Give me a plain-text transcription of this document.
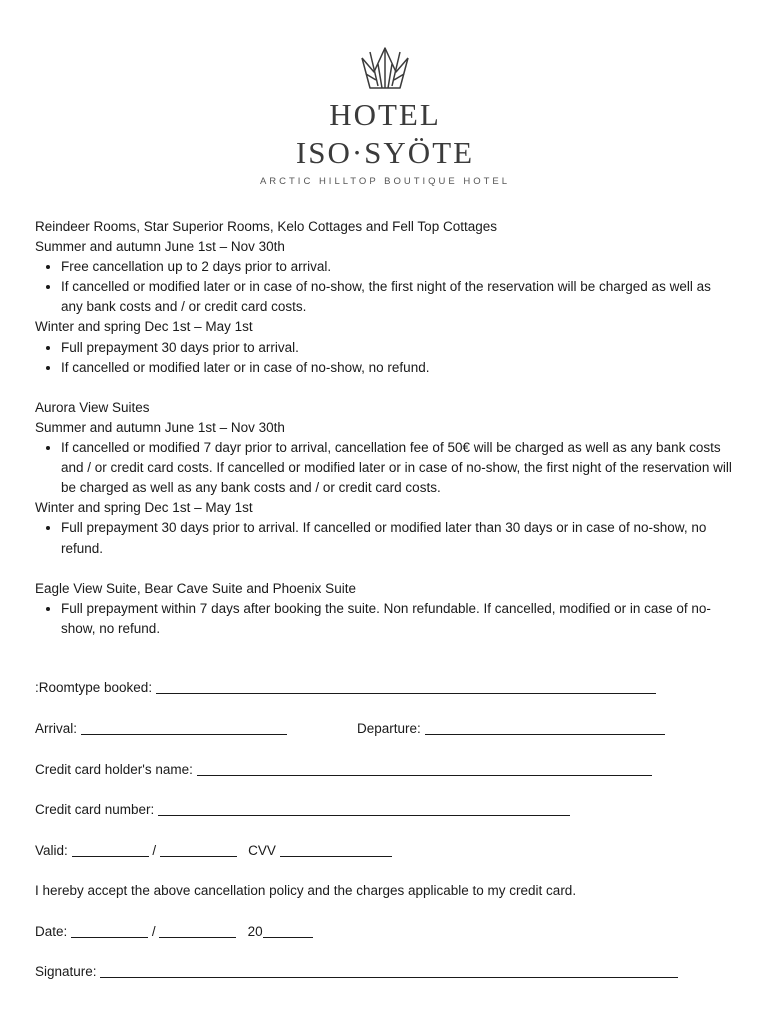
HOTEL
ISO·SYÖTE
ARCTIC HILLTOP BOUTIQUE HOTEL

Reindeer Rooms, Star Superior Rooms, Kelo Cottages and Fell Top Cottages

Summer and autumn June 1st – Nov 30th

• Free cancellation up to 2 days prior to arrival.
• If cancelled or modified later or in case of no-show, the first night of the reservation will be charged as well as any bank costs and / or credit card costs.

Winter and spring Dec 1st – May 1st

• Full prepayment 30 days prior to arrival.
• If cancelled or modified later or in case of no-show, no refund.

Aurora View Suites

Summer and autumn June 1st – Nov 30th

• If cancelled or modified 7 dayr prior to arrival, cancellation fee of 50€ will be charged as well as any bank costs and / or credit card costs. If cancelled or modified later or in case of no-show, the first night of the reservation will be charged as well as any bank costs and / or credit card costs.

Winter and spring Dec 1st – May 1st

• Full prepayment 30 days prior to arrival. If cancelled or modified later than 30 days or in case of no-show, no refund.

Eagle View Suite, Bear Cave Suite and Phoenix Suite

• Full prepayment within 7 days after booking the suite. Non refundable. If cancelled, modified or in case of no-show, no refund.
:Roomtype booked:
Arrival:	Departure:
Credit card holder's name:
Credit card number:
Valid:	/	CVV
I hereby accept the above cancellation policy and the charges applicable to my credit card.
Date:	/	20
Signature:
